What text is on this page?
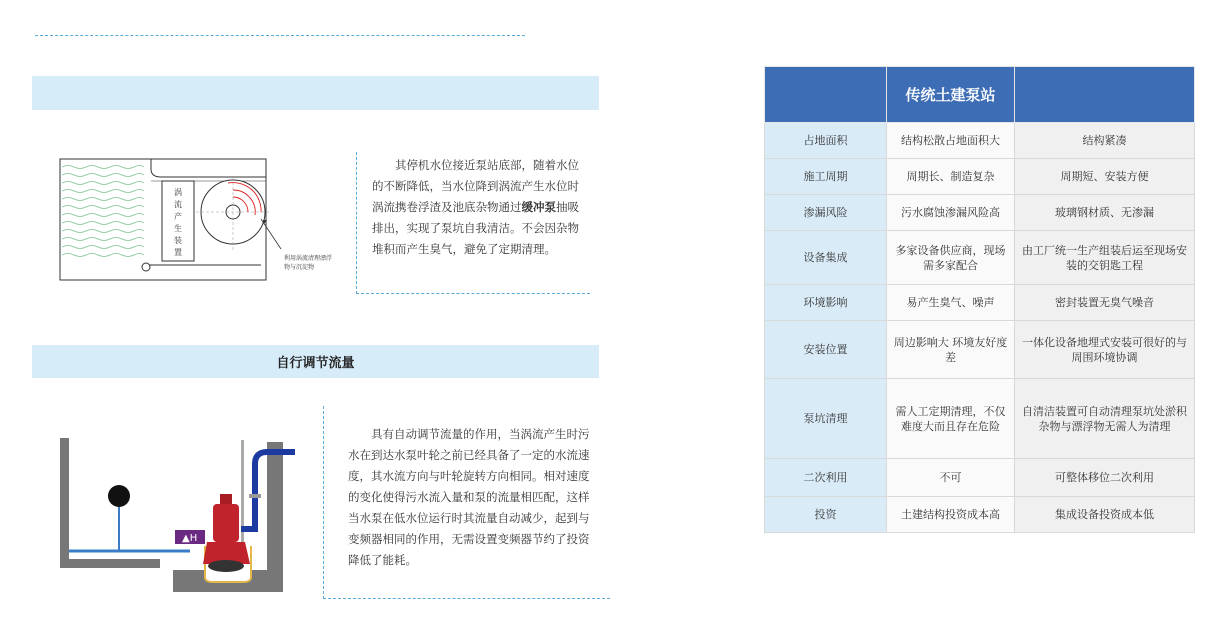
涡
流
产
生
装
置
利用涡流清理漂浮
物与沉淀物
其停机水位接近泵站底部，随着水位的不断降低，当水位降到涡流产生水位时涡流携卷浮渣及池底杂物通过缓冲泵抽吸排出，实现了泵坑自我清洁。不会因杂物堆积而产生臭气，避免了定期清理。
自行调节流量
▲H
具有自动调节流量的作用，当涡流产生时污水在到达水泵叶轮之前已经具备了一定的水流速度，其水流方向与叶轮旋转方向相同。相对速度的变化使得污水流入量和泵的流量相匹配，这样当水泵在低水位运行时其流量自动减少，起到与变频器相同的作用，无需设置变频器节约了投资降低了能耗。
	传统土建泵站	
占地面积	结构松散占地面积大	结构紧凑
施工周期	周期长、制造复杂	周期短、安装方便
渗漏风险	污水腐蚀渗漏风险高	玻璃钢材质、无渗漏
设备集成	多家设备供应商，现场需多家配合	由工厂统一生产组装后运至现场安装的交钥匙工程
环境影响	易产生臭气、噪声	密封装置无臭气噪音
安装位置	周边影响大 环境友好度差	一体化设备地埋式安装可很好的与周围环境协调
泵坑清理	需人工定期清理，不仅难度大而且存在危险	自清洁装置可自动清理泵坑处淤积杂物与漂浮物无需人为清理
二次利用	不可	可整体移位二次利用
投资	土建结构投资成本高	集成设备投资成本低
